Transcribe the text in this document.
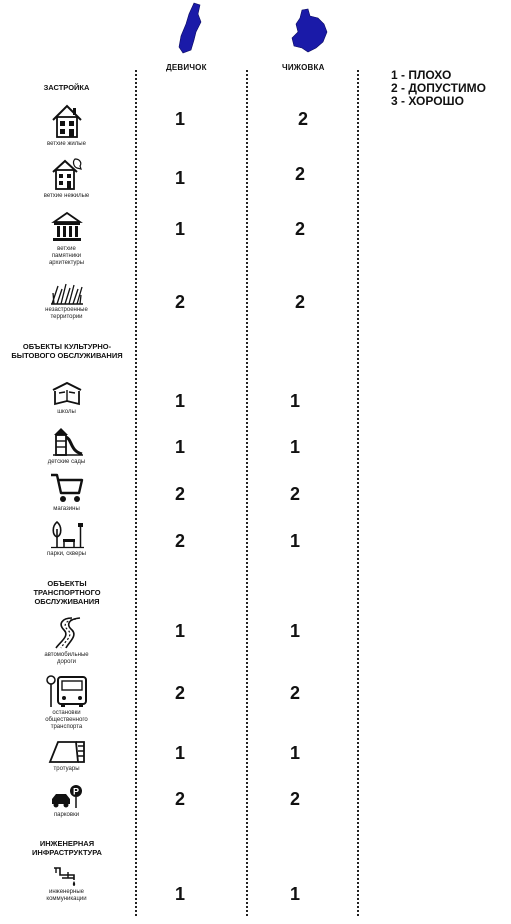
ДЕВИЧОК	ЧИЖОВКА
1 - ПЛОХО
2 - ДОПУСТИМО
3 - ХОРОШО
ЗАСТРОЙКА
ветхие жилые
1	2
ветхие нежилые
1	2
ветхие памятники архитектуры
1	2
незастроенные территории
2	2
ОБЪЕКТЫ КУЛЬТУРНО-БЫТОВОГО ОБСЛУЖИВАНИЯ
школы
1	1
детские сады
1	1
магазины
2	2
парки, скверы
2	1
ОБЪЕКТЫ ТРАНСПОРТНОГО ОБСЛУЖИВАНИЯ
автомобильные дороги
1	1
остановки общественного транспорта
2	2
тротуары
1	1
P
парковки
2	2
ИНЖЕНЕРНАЯ ИНФРАСТРУКТУРА
инженерные коммуникации	1	1
